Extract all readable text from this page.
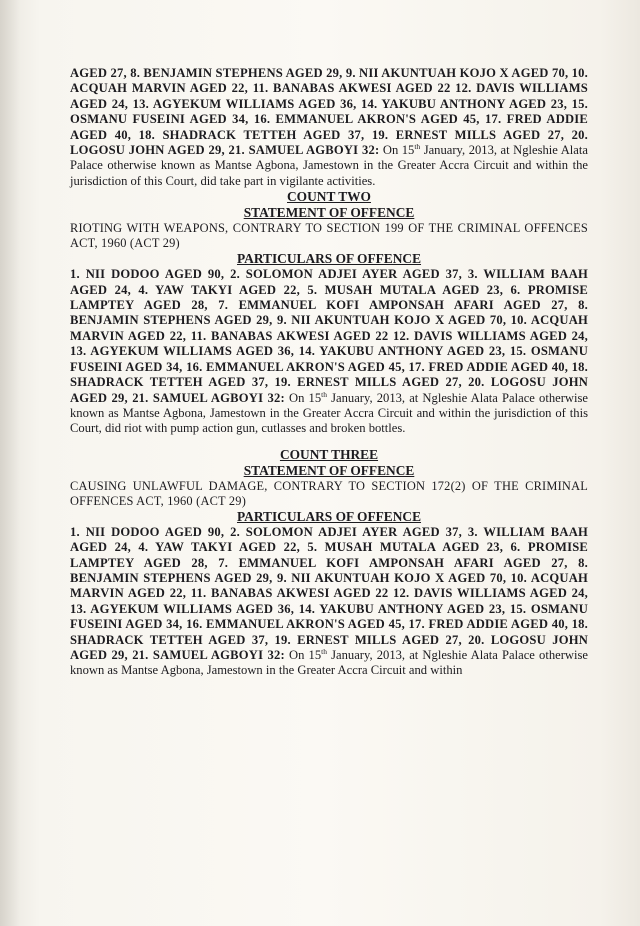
AGED 27, 8. BENJAMIN STEPHENS AGED 29, 9. NII AKUNTUAH KOJO X AGED 70, 10. ACQUAH MARVIN AGED 22, 11. BANABAS AKWESI AGED 22 12. DAVIS WILLIAMS AGED 24, 13. AGYEKUM WILLIAMS AGED 36, 14. YAKUBU ANTHONY AGED 23, 15. OSMANU FUSEINI AGED 34, 16. EMMANUEL AKRON'S AGED 45, 17. FRED ADDIE AGED 40, 18. SHADRACK TETTEH AGED 37, 19. ERNEST MILLS AGED 27, 20. LOGOSU JOHN AGED 29, 21. SAMUEL AGBOYI 32: On 15th January, 2013, at Ngleshie Alata Palace otherwise known as Mantse Agbona, Jamestown in the Greater Accra Circuit and within the jurisdiction of this Court, did take part in vigilante activities.

COUNT TWO
STATEMENT OF OFFENCE

RIOTING WITH WEAPONS, CONTRARY TO SECTION 199 OF THE CRIMINAL OFFENCES ACT, 1960 (ACT 29)

PARTICULARS OF OFFENCE

1. NII DODOO AGED 90, 2. SOLOMON ADJEI AYER AGED 37, 3. WILLIAM BAAH AGED 24, 4. YAW TAKYI AGED 22, 5. MUSAH MUTALA AGED 23, 6. PROMISE LAMPTEY AGED 28, 7. EMMANUEL KOFI AMPONSAH AFARI AGED 27, 8. BENJAMIN STEPHENS AGED 29, 9. NII AKUNTUAH KOJO X AGED 70, 10. ACQUAH MARVIN AGED 22, 11. BANABAS AKWESI AGED 22 12. DAVIS WILLIAMS AGED 24, 13. AGYEKUM WILLIAMS AGED 36, 14. YAKUBU ANTHONY AGED 23, 15. OSMANU FUSEINI AGED 34, 16. EMMANUEL AKRON'S AGED 45, 17. FRED ADDIE AGED 40, 18. SHADRACK TETTEH AGED 37, 19. ERNEST MILLS AGED 27, 20. LOGOSU JOHN AGED 29, 21. SAMUEL AGBOYI 32: On 15th January, 2013, at Ngleshie Alata Palace otherwise known as Mantse Agbona, Jamestown in the Greater Accra Circuit and within the jurisdiction of this Court, did riot with pump action gun, cutlasses and broken bottles.

COUNT THREE
STATEMENT OF OFFENCE

CAUSING UNLAWFUL DAMAGE, CONTRARY TO SECTION 172(2) OF THE CRIMINAL OFFENCES ACT, 1960 (ACT 29)

PARTICULARS OF OFFENCE

1. NII DODOO AGED 90, 2. SOLOMON ADJEI AYER AGED 37, 3. WILLIAM BAAH AGED 24, 4. YAW TAKYI AGED 22, 5. MUSAH MUTALA AGED 23, 6. PROMISE LAMPTEY AGED 28, 7. EMMANUEL KOFI AMPONSAH AFARI AGED 27, 8. BENJAMIN STEPHENS AGED 29, 9. NII AKUNTUAH KOJO X AGED 70, 10. ACQUAH MARVIN AGED 22, 11. BANABAS AKWESI AGED 22 12. DAVIS WILLIAMS AGED 24, 13. AGYEKUM WILLIAMS AGED 36, 14. YAKUBU ANTHONY AGED 23, 15. OSMANU FUSEINI AGED 34, 16. EMMANUEL AKRON'S AGED 45, 17. FRED ADDIE AGED 40, 18. SHADRACK TETTEH AGED 37, 19. ERNEST MILLS AGED 27, 20. LOGOSU JOHN AGED 29, 21. SAMUEL AGBOYI 32: On 15th January, 2013, at Ngleshie Alata Palace otherwise known as Mantse Agbona, Jamestown in the Greater Accra Circuit and within
